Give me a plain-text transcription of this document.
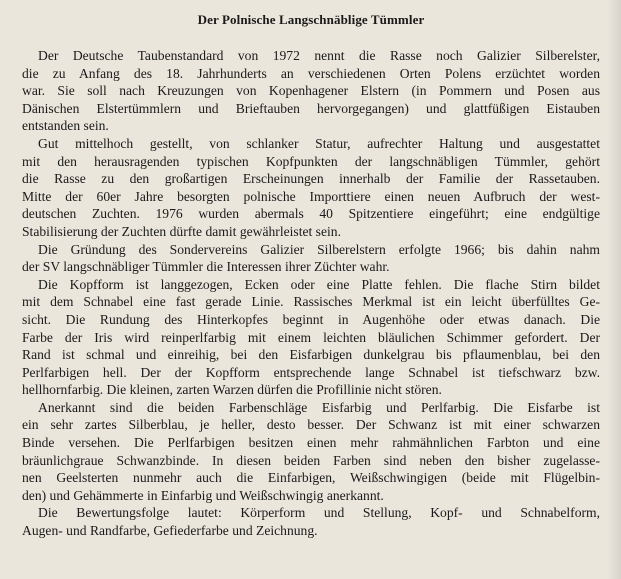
Der Polnische Langschnäblige Tümmler
Der Deutsche Taubenstandard von 1972 nennt die Rasse noch Galizier Silberelster,
die zu Anfang des 18. Jahrhunderts an verschiedenen Orten Polens erzüchtet worden
war. Sie soll nach Kreuzungen von Kopenhagener Elstern (in Pommern und Posen aus
Dänischen Elstertümmlern und Brieftauben hervorgegangen) und glattfüßigen Eistauben
entstanden sein.
Gut mittelhoch gestellt, von schlanker Statur, aufrechter Haltung und ausgestattet
mit den herausragenden typischen Kopfpunkten der langschnäbligen Tümmler, gehört
die Rasse zu den großartigen Erscheinungen innerhalb der Familie der Rassetauben.
Mitte der 60er Jahre besorgten polnische Importtiere einen neuen Aufbruch der west-
deutschen Zuchten. 1976 wurden abermals 40 Spitzentiere eingeführt; eine endgültige
Stabilisierung der Zuchten dürfte damit gewährleistet sein.
Die Gründung des Sondervereins Galizier Silberelstern erfolgte 1966; bis dahin nahm
der SV langschnäbliger Tümmler die Interessen ihrer Züchter wahr.
Die Kopfform ist langgezogen, Ecken oder eine Platte fehlen. Die flache Stirn bildet
mit dem Schnabel eine fast gerade Linie. Rassisches Merkmal ist ein leicht überfülltes Ge-
sicht. Die Rundung des Hinterkopfes beginnt in Augenhöhe oder etwas danach. Die
Farbe der Iris wird reinperlfarbig mit einem leichten bläulichen Schimmer gefordert. Der
Rand ist schmal und einreihig, bei den Eisfarbigen dunkelgrau bis pflaumenblau, bei den
Perlfarbigen hell. Der der Kopfform entsprechende lange Schnabel ist tiefschwarz bzw.
hellhornfarbig. Die kleinen, zarten Warzen dürfen die Profillinie nicht stören.
Anerkannt sind die beiden Farbenschläge Eisfarbig und Perlfarbig. Die Eisfarbe ist
ein sehr zartes Silberblau, je heller, desto besser. Der Schwanz ist mit einer schwarzen
Binde versehen. Die Perlfarbigen besitzen einen mehr rahmähnlichen Farbton und eine
bräunlichgraue Schwanzbinde. In diesen beiden Farben sind neben den bisher zugelasse-
nen Geelsterten nunmehr auch die Einfarbigen, Weißschwingigen (beide mit Flügelbin-
den) und Gehämmerte in Einfarbig und Weißschwingig anerkannt.
Die Bewertungsfolge lautet: Körperform und Stellung, Kopf- und Schnabelform,
Augen- und Randfarbe, Gefiederfarbe und Zeichnung.
